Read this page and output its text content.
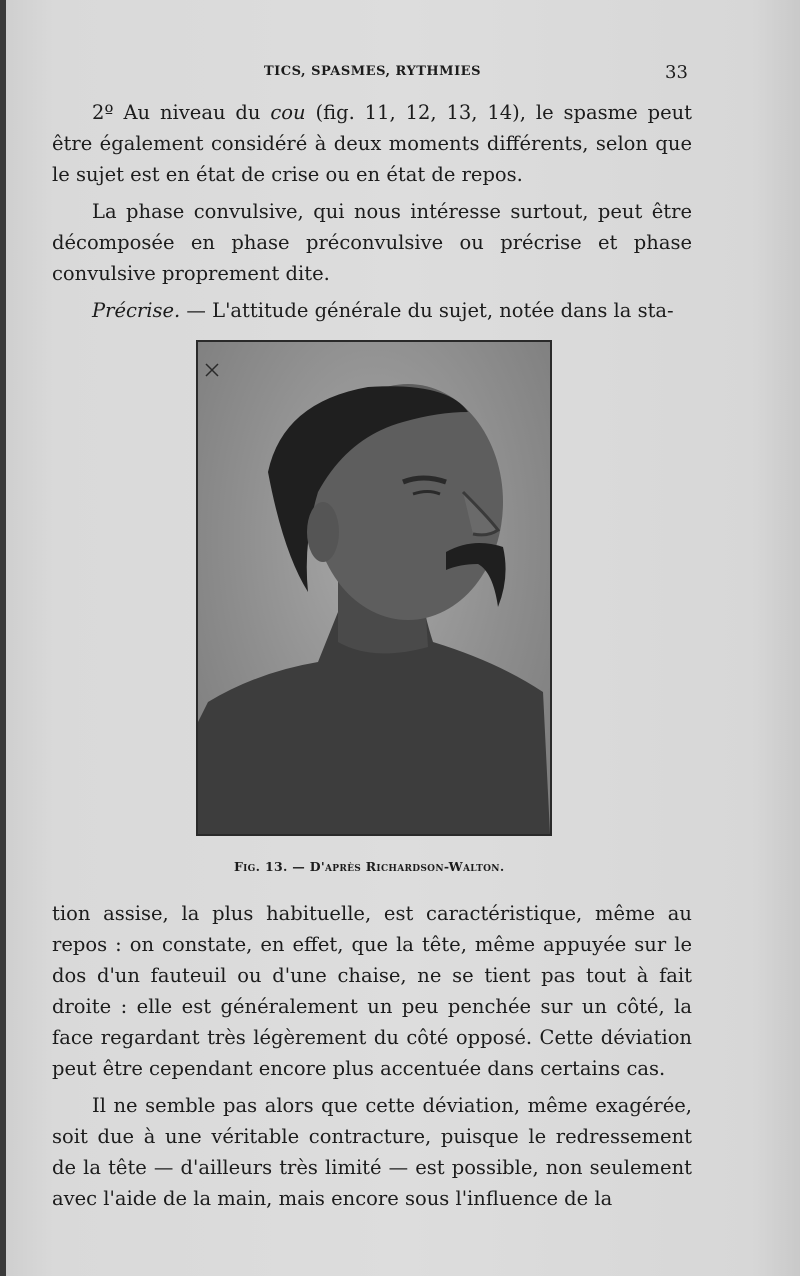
TICS, SPASMES, RYTHMIES	33

2º Au niveau du cou (fig. 11, 12, 13, 14), le spasme peut être également considéré à deux moments différents, selon que le sujet est en état de crise ou en état de repos.

La phase convulsive, qui nous intéresse surtout, peut être décomposée en phase préconvulsive ou précrise et phase convulsive proprement dite.

Précrise. — L'attitude générale du sujet, notée dans la sta-

Fig. 13. — D'après Richardson-Walton.

tion assise, la plus habituelle, est caractéristique, même au repos : on constate, en effet, que la tête, même appuyée sur le dos d'un fauteuil ou d'une chaise, ne se tient pas tout à fait droite : elle est généralement un peu penchée sur un côté, la face regardant très légèrement du côté opposé. Cette déviation peut être cependant encore plus accentuée dans certains cas.

Il ne semble pas alors que cette déviation, même exagérée, soit due à une véritable contracture, puisque le redressement de la tête — d'ailleurs très limité — est possible, non seulement avec l'aide de la main, mais encore sous l'influence de la
